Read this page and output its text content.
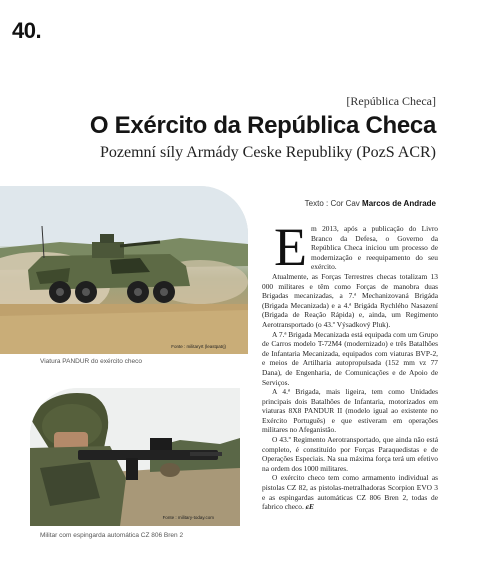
40.
[República Checa]
O Exército da República Checa
Pozemní síly Armády Ceske Republiky (PozS ACR)
Texto : Cor Cav Marcos de Andrade
Fonte : militaryrt (leastpatrj)
Viatura PANDUR do exército checo
Fonte : military-today.com
Militar com espingarda automática CZ 806 Bren 2
E m 2013, após a publicação do Livro Branco da Defesa, o Governo da República Checa iniciou um processo de modernização e reequipamento do seu exército.

Atualmente, as Forças Terrestres checas totalizam 13 000 militares e têm como Forças de manobra duas Brigadas mecanizadas, a 7.ª Mechanizovaná Brigáda (Brigada Mecanizada) e a 4.ª Brigáda Rychlého Nasazení (Brigada de Reação Rápida) e, ainda, um Regimento Aerotransportado (o 43.º Výsadkový Pluk).

A 7.ª Brigada Mecanizada está equipada com um Grupo de Carros modelo T-72M4 (modernizado) e três Batalhões de Infantaria Mecanizada, equipados com viaturas BVP-2, e meios de Artilharia autopropulsada (152 mm vz 77 Dana), de Engenharia, de Comunicações e de Apoio de Serviços.

A 4.ª Brigada, mais ligeira, tem como Unidades principais dois Batalhões de Infantaria, motorizados em viaturas 8X8 PANDUR II (modelo igual ao existente no Exército Português) e que estiveram em operações militares no Afeganistão.

O 43.º Regimento Aerotransportado, que ainda não está completo, é constituído por Forças Paraquedistas e de Operações Especiais. Na sua máxima força terá um efetivo na ordem dos 1000 militares.

O exército checo tem como armamento individual as pistolas CZ 82, as pistolas-metralhadoras Scorpion EVO 3 e as espingardas automáticas CZ 806 Bren 2, todas de fabrico checo. ɕE
